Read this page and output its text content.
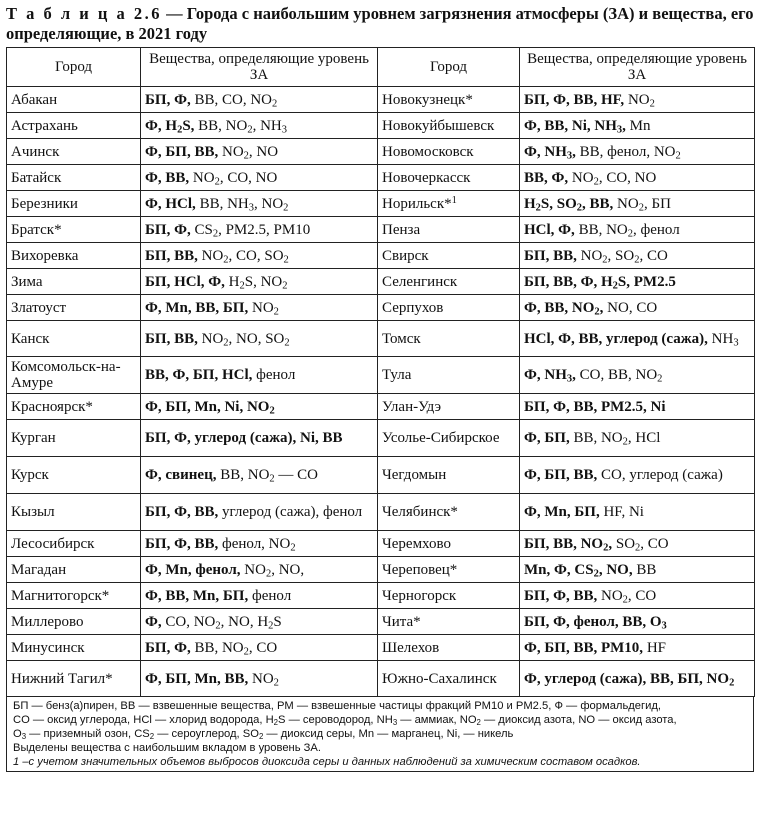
Т а б л и ц а 2.6 — Города с наибольшим уровнем загрязнения атмосферы (ЗА) и вещества, его определяющие, в 2021 году
Город	Вещества, определяющие уровень ЗА	Город	Вещества, определяющие уровень ЗА
Абакан	БП, Ф, ВВ, CO, $NO_2$	Новокузнецк*	БП, Ф, ВВ, HF, $NO_2$
Астрахань	Ф, $H_2S$, ВВ, $NO_2$, $NH_3$	Новокуйбышевск	Ф, ВВ, Ni, $NH_3$, Mn
Ачинск	Ф, БП, ВВ, $NO_2$, NO	Новомосковск	Ф, $NH_3$, ВВ, фенол, $NO_2$
Батайск	Ф, ВВ, $NO_2$, CO, NO	Новочеркасск	ВВ, Ф, $NO_2$, CO, NO
Березники	Ф, HCl, ВВ, $NH_3$, $NO_2$	Норильск*$^1$	$H_2S$, $SO_2$, ВВ, $NO_2$, БП
Братск*	БП, Ф, $CS_2$, PM2.5, PM10	Пенза	HCl, Ф, ВВ, $NO_2$, фенол
Вихоревка	БП, ВВ, $NO_2$, CO, $SO_2$	Свирск	БП, ВВ, $NO_2$, $SO_2$, CO
Зима	БП, HCl, Ф, $H_2S$, $NO_2$	Селенгинск	БП, ВВ, Ф, $H_2S$, PM2.5
Златоуст	Ф, Mn, ВВ, БП, $NO_2$	Серпухов	Ф, ВВ, $NO_2$, NO, CO
Канск	БП, ВВ, $NO_2$, NO, $SO_2$	Томск	HCl, Ф, ВВ, углерод (сажа), $NH_3$
Комсомольск-на-Амуре	ВВ, Ф, БП, HCl, фенол	Тула	Ф, $NH_3$, CO, ВВ, $NO_2$
Красноярск*	Ф, БП, Mn, Ni, $NO_2$	Улан-Удэ	БП, Ф, ВВ, PM2.5, Ni
Курган	БП, Ф, углерод (сажа), Ni, ВВ	Усолье-Сибирское	Ф, БП, ВВ, $NO_2$, HCl
Курск	Ф, свинец, ВВ, $NO_2$ — CO	Чегдомын	Ф, БП, ВВ, CO, углерод (сажа)
Кызыл	БП, Ф, ВВ, углерод (сажа), фенол	Челябинск*	Ф, Mn, БП, HF, Ni
Лесосибирск	БП, Ф, ВВ, фенол, $NO_2$	Черемхово	БП, ВВ, $NO_2$, $SO_2$, CO
Магадан	Ф, Mn, фенол, $NO_2$, NO,	Череповец*	Mn, Ф, $CS_2$, NO, ВВ
Магнитогорск*	Ф, ВВ, Mn, БП, фенол	Черногорск	БП, Ф, ВВ, $NO_2$, CO
Миллерово	Ф, CO, $NO_2$, NO, $H_2S$	Чита*	БП, Ф, фенол, ВВ, $O_3$
Минусинск	БП, Ф, ВВ, $NO_2$, CO	Шелехов	Ф, БП, ВВ, PM10, HF
Нижний Тагил*	Ф, БП, Mn, ВВ, $NO_2$	Южно-Сахалинск	Ф, углерод (сажа), ВВ, БП, $NO_2$
БП — бенз(а)пирен, ВВ — взвешенные вещества, PM — взвешенные частицы фракций PM10 и PM2.5, Ф — формальдегид,
CO — оксид углерода, HCl — хлорид водорода, $H_2S$ — сероводород, $NH_3$ — аммиак, $NO_2$ — диоксид азота, NO — оксид азота,
$O_3$ — приземный озон, $CS_2$ — сероуглерод, $SO_2$ — диоксид серы, Mn — марганец, Ni, — никель
Выделены вещества с наибольшим вкладом в уровень ЗА.
1 –с учетом значительных объемов выбросов диоксида серы и данных наблюдений за химическим составом осадков.
